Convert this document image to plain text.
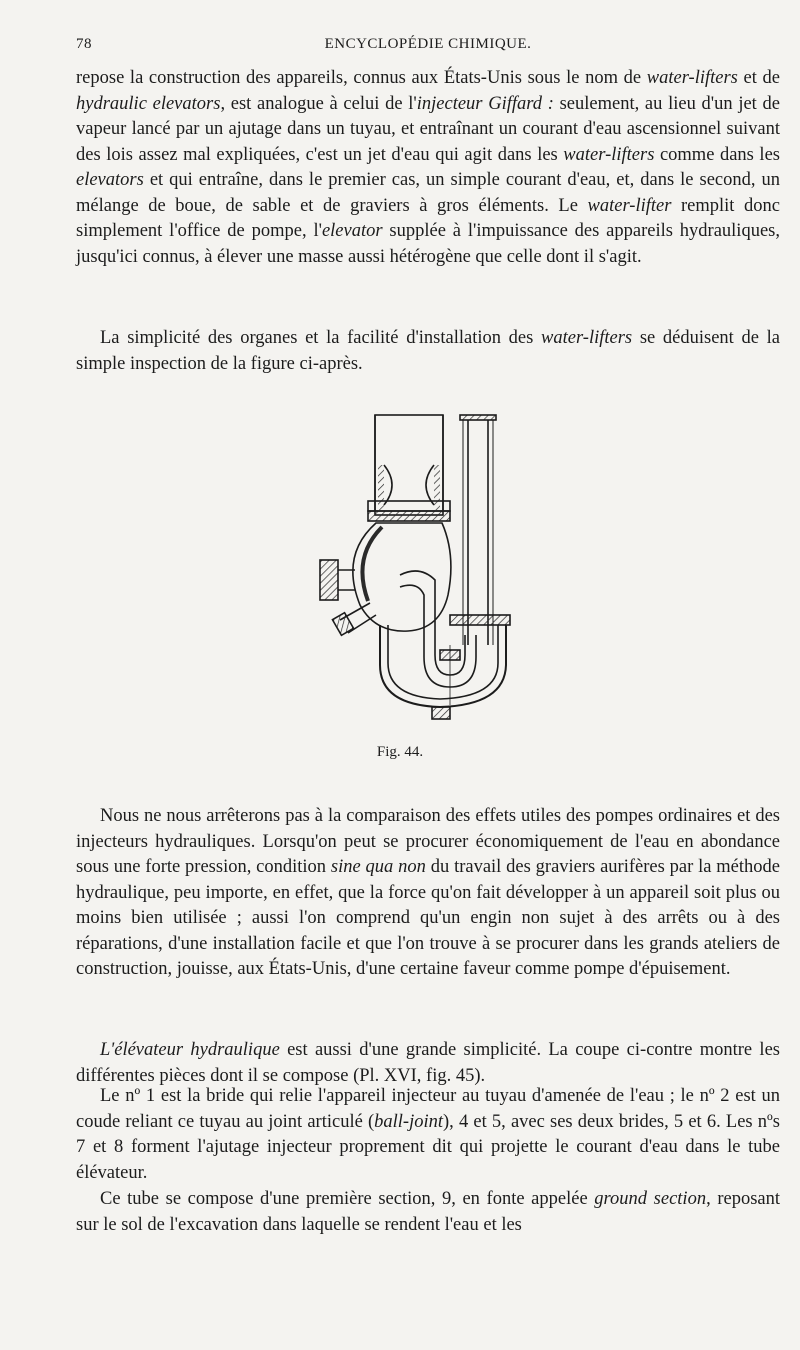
78	ENCYCLOPÉDIE CHIMIQUE.

repose la construction des appareils, connus aux États-Unis sous le nom de water-lifters et de hydraulic elevators, est analogue à celui de l'injecteur Giffard : seulement, au lieu d'un jet de vapeur lancé par un ajutage dans un tuyau, et entraînant un courant d'eau ascensionnel suivant des lois assez mal expliquées, c'est un jet d'eau qui agit dans les water-lifters comme dans les elevators et qui entraîne, dans le premier cas, un simple courant d'eau, et, dans le second, un mélange de boue, de sable et de graviers à gros éléments. Le water-lifter remplit donc simplement l'office de pompe, l'elevator supplée à l'impuissance des appareils hydrauliques, jusqu'ici connus, à élever une masse aussi hétérogène que celle dont il s'agit.

La simplicité des organes et la facilité d'installation des water-lifters se déduisent de la simple inspection de la figure ci-après.

Fig. 44.

Nous ne nous arrêterons pas à la comparaison des effets utiles des pompes ordinaires et des injecteurs hydrauliques. Lorsqu'on peut se procurer économiquement de l'eau en abondance sous une forte pression, condition sine qua non du travail des graviers aurifères par la méthode hydraulique, peu importe, en effet, que la force qu'on fait développer à un appareil soit plus ou moins bien utilisée ; aussi l'on comprend qu'un engin non sujet à des arrêts ou à des réparations, d'une installation facile et que l'on trouve à se procurer dans les grands ateliers de construction, jouisse, aux États-Unis, d'une certaine faveur comme pompe d'épuisement.

L'élévateur hydraulique est aussi d'une grande simplicité. La coupe ci-contre montre les différentes pièces dont il se compose (Pl. XVI, fig. 45).

Le nº 1 est la bride qui relie l'appareil injecteur au tuyau d'amenée de l'eau ; le nº 2 est un coude reliant ce tuyau au joint articulé (ball-joint), 4 et 5, avec ses deux brides, 5 et 6. Les nºs 7 et 8 forment l'ajutage injecteur proprement dit qui projette le courant d'eau dans le tube élévateur.

Ce tube se compose d'une première section, 9, en fonte appelée ground section, reposant sur le sol de l'excavation dans laquelle se rendent l'eau et les
